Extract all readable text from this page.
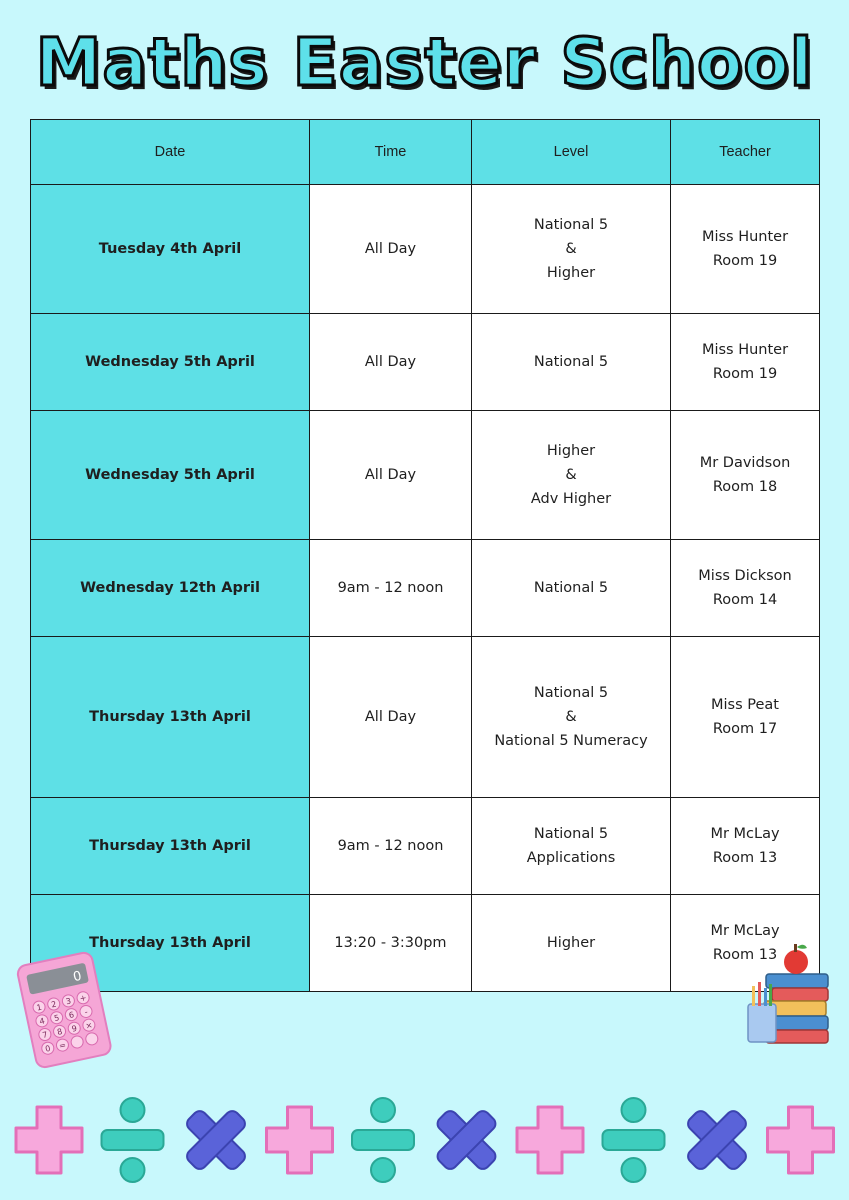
Maths Easter School
Date	Time	Level	Teacher
Tuesday 4th April	All Day	National 5
&
Higher	Miss Hunter
Room 19

Wednesday 5th April	All Day	National 5	Miss Hunter
Room 19

Wednesday 5th April	All Day	Higher
&
Adv Higher	Mr Davidson
Room 18

Wednesday 12th April	9am - 12 noon	National 5	Miss Dickson
Room 14

Thursday 13th April	All Day	National 5
&
National 5 Numeracy	Miss Peat
Room 17

Thursday 13th April	9am - 12 noon	National 5
Applications	Mr McLay
Room 13

Thursday 13th April	13:20 - 3:30pm	Higher	Mr McLay
Room 13
0
1 2 3 +
4 5 6 -
7 8 9 ×
0 =
